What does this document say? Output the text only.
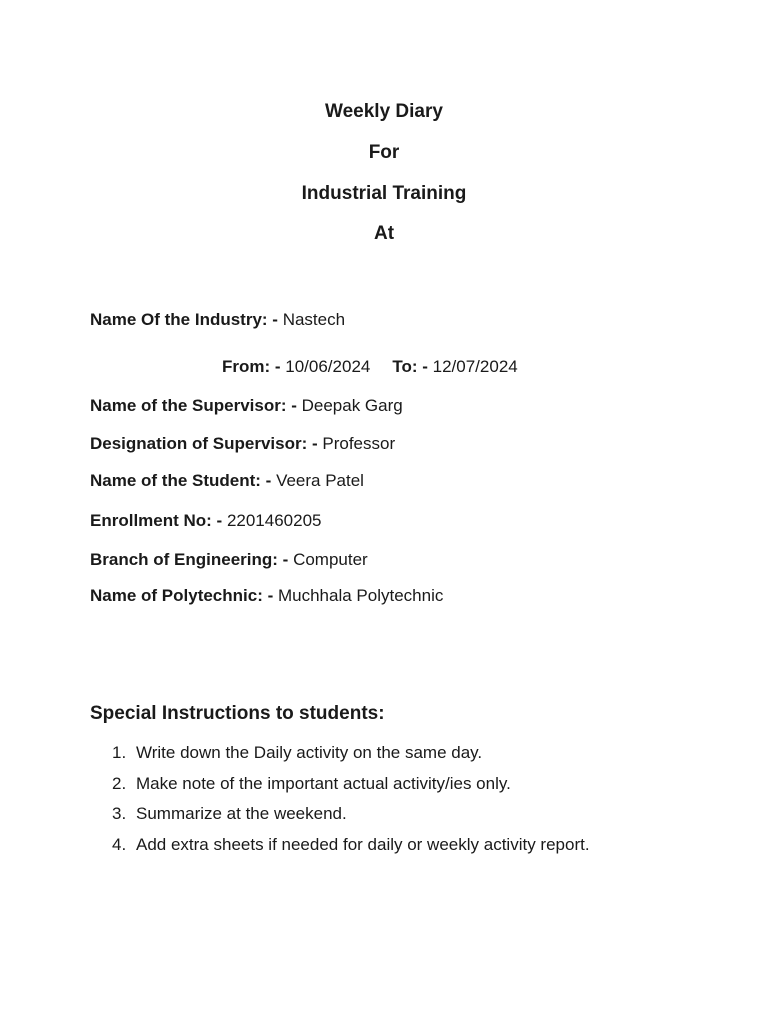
Weekly Diary
For
Industrial Training
At
Name Of the Industry: - Nastech
From: - 10/06/2024 To: - 12/07/2024
Name of the Supervisor: - Deepak Garg
Designation of Supervisor: - Professor
Name of the Student: - Veera Patel
Enrollment No: - 2201460205
Branch of Engineering: - Computer
Name of Polytechnic: - Muchhala Polytechnic
Special Instructions to students:
1. Write down the Daily activity on the same day.
2. Make note of the important actual activity/ies only.
3. Summarize at the weekend.
4. Add extra sheets if needed for daily or weekly activity report.
